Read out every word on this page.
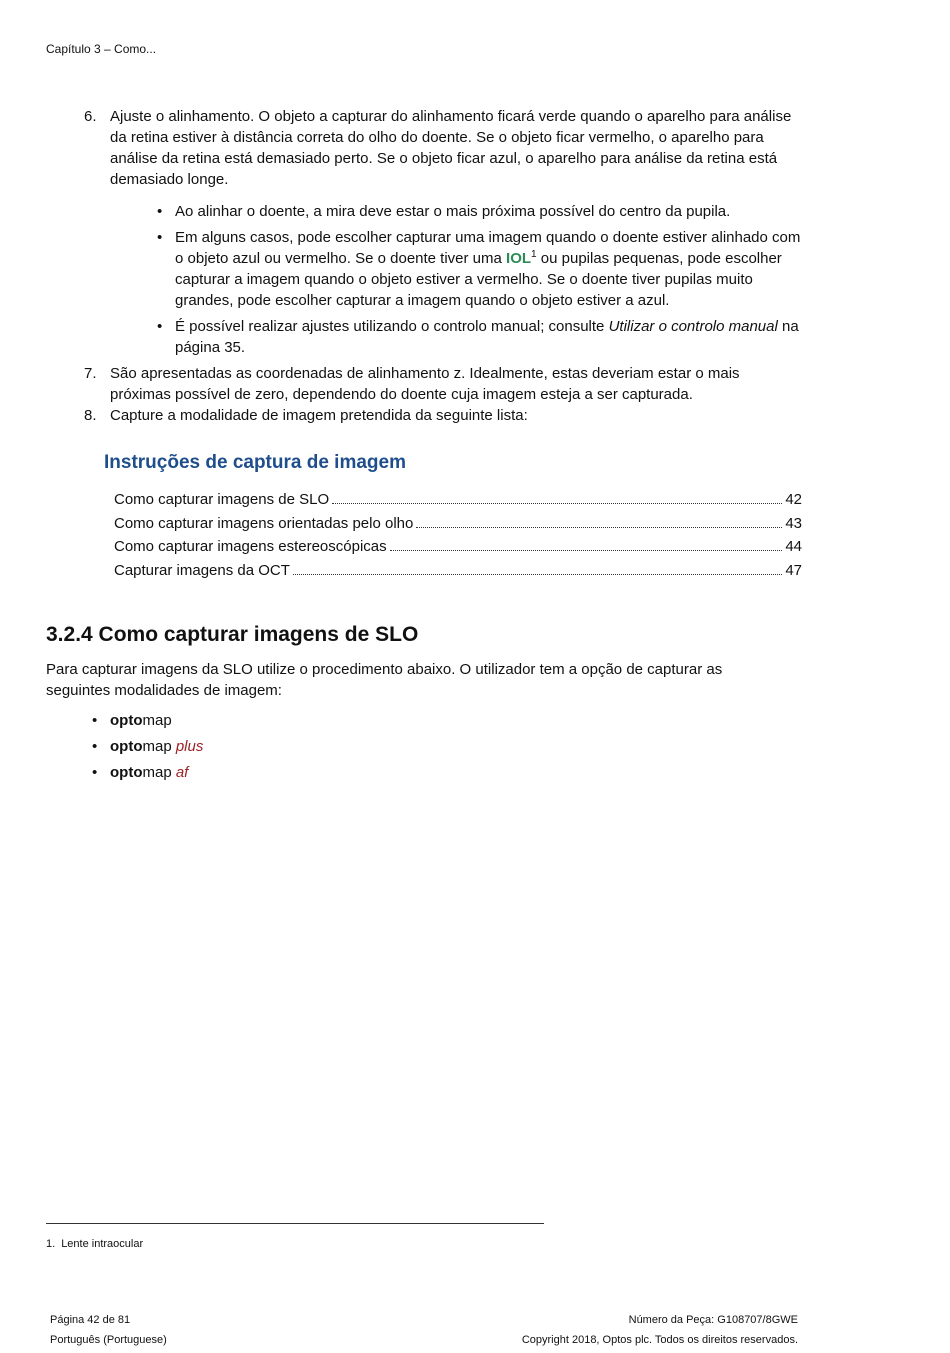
Capítulo 3 – Como...
6. Ajuste o alinhamento. O objeto a capturar do alinhamento ficará verde quando o aparelho para análise da retina estiver à distância correta do olho do doente. Se o objeto ficar vermelho, o aparelho para análise da retina está demasiado perto. Se o objeto ficar azul, o aparelho para análise da retina está demasiado longe.
• Ao alinhar o doente, a mira deve estar o mais próxima possível do centro da pupila.
• Em alguns casos, pode escolher capturar uma imagem quando o doente estiver alinhado com o objeto azul ou vermelho. Se o doente tiver uma IOL$^1$ ou pupilas pequenas, pode escolher capturar a imagem quando o objeto estiver a vermelho. Se o doente tiver pupilas muito grandes, pode escolher capturar a imagem quando o objeto estiver a azul.
• É possível realizar ajustes utilizando o controlo manual; consulte Utilizar o controlo manual na página 35.
7. São apresentadas as coordenadas de alinhamento z. Idealmente, estas deveriam estar o mais próximas possível de zero, dependendo do doente cuja imagem esteja a ser capturada.
8. Capture a modalidade de imagem pretendida da seguinte lista:
Instruções de captura de imagem
Como capturar imagens de SLO	42
Como capturar imagens orientadas pelo olho	43
Como capturar imagens estereoscópicas	44
Capturar imagens da OCT	47
3.2.4 Como capturar imagens de SLO
Para capturar imagens da SLO utilize o procedimento abaixo. O utilizador tem a opção de capturar as seguintes modalidades de imagem:
• optomap
• optomap plus
• optomap af
1. Lente intraocular
Página 42 de 81
Português (Portuguese)
Número da Peça: G108707/8GWE
Copyright 2018, Optos plc. Todos os direitos reservados.
